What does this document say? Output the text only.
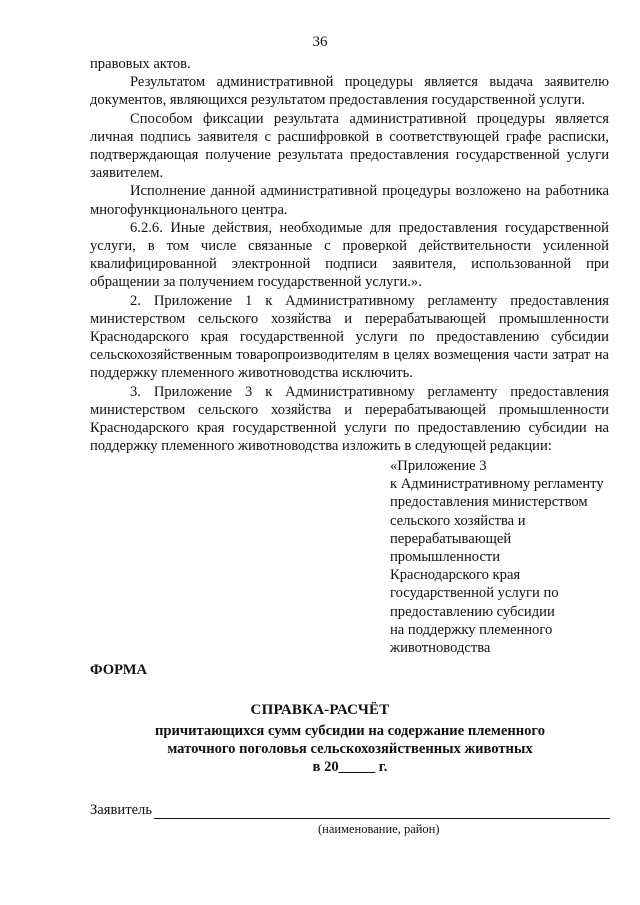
36

правовых актов.

Результатом административной процедуры является выдача заявителю документов, являющихся результатом предоставления государственной услуги.

Способом фиксации результата административной процедуры является личная подпись заявителя с расшифровкой в соответствующей графе расписки, подтверждающая получение результата предоставления государственной услуги заявителем.

Исполнение данной административной процедуры возложено на работника многофункционального центра.

6.2.6. Иные действия, необходимые для предоставления государственной услуги, в том числе связанные с проверкой действительности усиленной квалифицированной электронной подписи заявителя, использованной при обращении за получением государственной услуги.».

2. Приложение 1 к Административному регламенту предоставления министерством сельского хозяйства и перерабатывающей промышленности Краснодарского края государственной услуги по предоставлению субсидии сельскохозяйственным товаропроизводителям в целях возмещения части затрат на поддержку племенного животноводства исключить.

3. Приложение 3 к Административному регламенту предоставления министерством сельского хозяйства и перерабатывающей промышленности Краснодарского края государственной услуги по предоставлению субсидии на поддержку племенного животноводства изложить в следующей редакции:

«Приложение 3
к Административному регламенту
предоставления министерством
сельского хозяйства и
перерабатывающей
промышленности
Краснодарского края
государственной услуги по
предоставлению субсидии
на поддержку племенного
животноводства
ФОРМА
СПРАВКА-РАСЧЁТ
причитающихся сумм субсидии на содержание племенного
маточного поголовья сельскохозяйственных животных
в 20_____ г.
Заявитель
(наименование, район)
